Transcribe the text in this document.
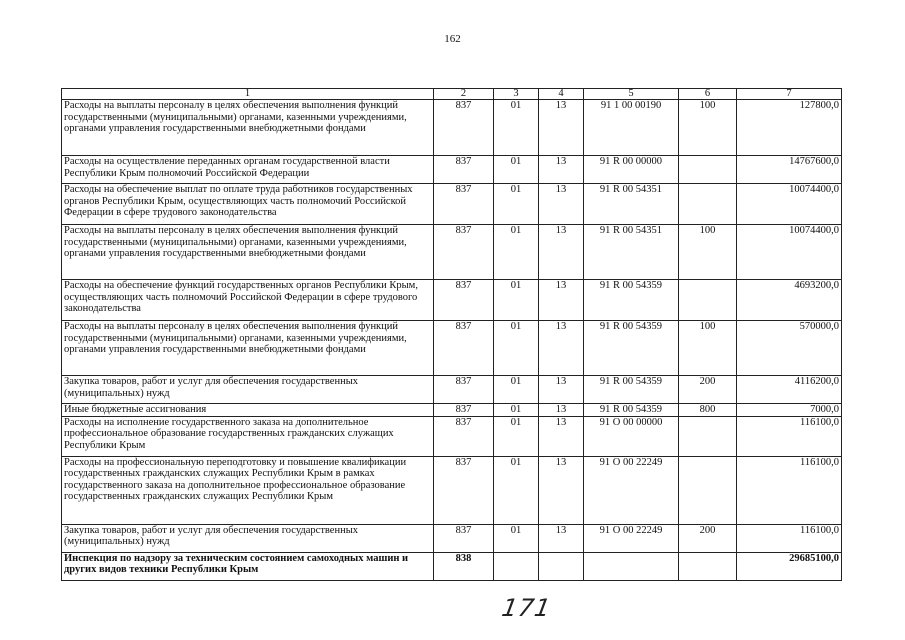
162
1	2	3	4	5	6	7
Расходы на выплаты персоналу в целях обеспечения выполнения функций государственными (муниципальными) органами, казенными учреждениями, органами управления государственными внебюджетными фондами	837	01	13	91 1 00 00190	100	127800,0
Расходы на осуществление переданных органам государственной власти Республики Крым полномочий Российской Федерации	837	01	13	91 R 00 00000		14767600,0
Расходы на обеспечение выплат по оплате труда работников государственных органов Республики Крым, осуществляющих часть полномочий Российской Федерации в сфере трудового законодательства	837	01	13	91 R 00 54351		10074400,0
Расходы на выплаты персоналу в целях обеспечения выполнения функций государственными (муниципальными) органами, казенными учреждениями, органами управления государственными внебюджетными фондами	837	01	13	91 R 00 54351	100	10074400,0
Расходы на обеспечение функций государственных органов Республики Крым, осуществляющих часть полномочий Российской Федерации в сфере трудового законодательства	837	01	13	91 R 00 54359		4693200,0
Расходы на выплаты персоналу в целях обеспечения выполнения функций государственными (муниципальными) органами, казенными учреждениями, органами управления государственными внебюджетными фондами	837	01	13	91 R 00 54359	100	570000,0
Закупка товаров, работ и услуг для обеспечения государственных (муниципальных) нужд	837	01	13	91 R 00 54359	200	4116200,0
Иные бюджетные ассигнования	837	01	13	91 R 00 54359	800	7000,0
Расходы на исполнение государственного заказа на дополнительное профессиональное образование государственных гражданских служащих Республики Крым	837	01	13	91 O 00 00000		116100,0
Расходы на профессиональную переподготовку и повышение квалификации государственных гражданских служащих Республики Крым в рамках государственного заказа на дополнительное профессиональное образование государственных гражданских служащих Республики Крым	837	01	13	91 O 00 22249		116100,0
Закупка товаров, работ и услуг для обеспечения государственных (муниципальных) нужд	837	01	13	91 O 00 22249	200	116100,0
Инспекция по надзору за техническим состоянием самоходных машин и других видов техники Республики Крым	838					29685100,0
171
